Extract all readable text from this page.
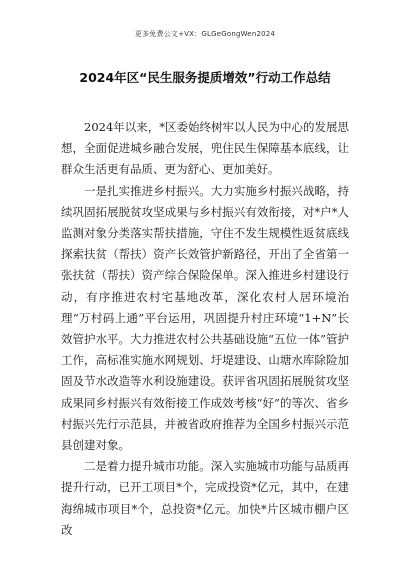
更多免费公文+VX：GLGeGongWen2024
2024年区“民生服务提质增效”行动工作总结

2024年以来，*区委始终树牢以人民为中心的发展思想，全面促进城乡融合发展，兜住民生保障基本底线，让群众生活更有品质、更为舒心、更加美好。

一是扎实推进乡村振兴。大力实施乡村振兴战略，持续巩固拓展脱贫攻坚成果与乡村振兴有效衔接，对*户*人监测对象分类落实帮扶措施，守住不发生规模性返贫底线探索扶贫（帮扶）资产长效管护新路径，开出了全省第一张扶贫（帮扶）资产综合保险保单。深入推进乡村建设行动，有序推进农村宅基地改革，深化农村人居环境治理“万村码上通”平台运用，巩固提升村庄环境“1+N”长效管护水平。大力推进农村公共基础设施“五位一体”管护工作，高标准实施水网规划、圩堤建设、山塘水库除险加固及节水改造等水利设施建设。获评省巩固拓展脱贫攻坚成果同乡村振兴有效衔接工作成效考核“好”的等次、省乡村振兴先行示范县，并被省政府推荐为全国乡村振兴示范县创建对象。

二是着力提升城市功能。深入实施城市功能与品质再提升行动，已开工项目*个，完成投资*亿元，其中，在建海绵城市项目*个，总投资*亿元。加快*片区城市棚户区改
